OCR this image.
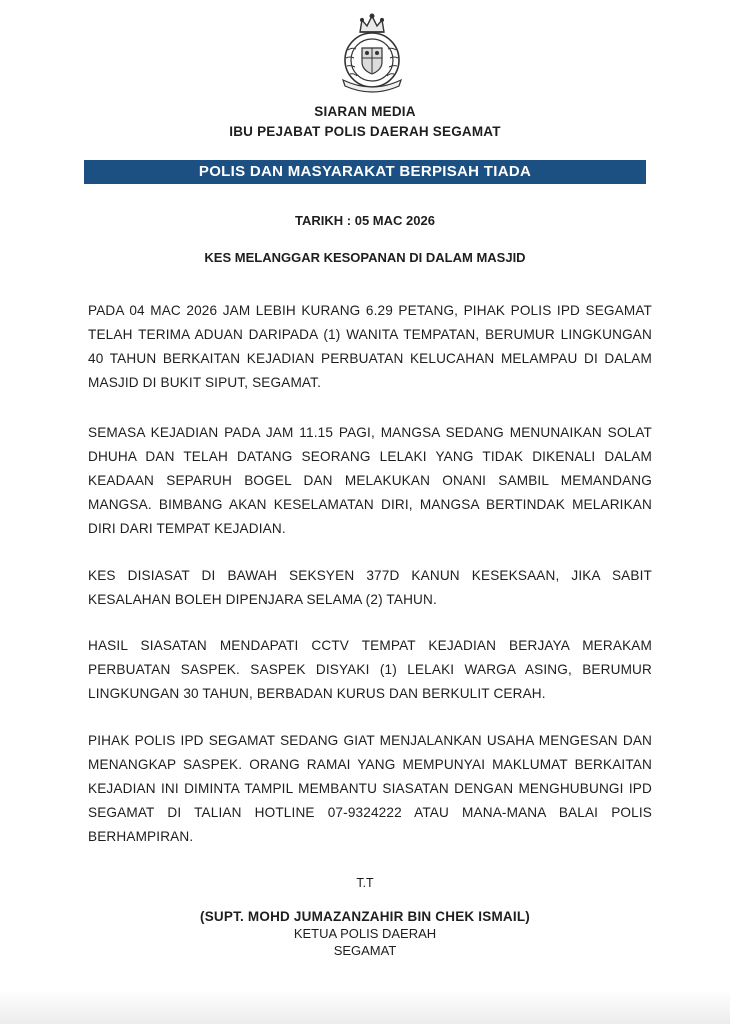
SIARAN MEDIA
IBU PEJABAT POLIS DAERAH SEGAMAT
POLIS DAN MASYARAKAT BERPISAH TIADA
TARIKH : 05 MAC 2026
KES MELANGGAR KESOPANAN DI DALAM MASJID

PADA 04 MAC 2026 JAM LEBIH KURANG 6.29 PETANG, PIHAK POLIS IPD SEGAMAT TELAH TERIMA ADUAN DARIPADA (1) WANITA TEMPATAN, BERUMUR LINGKUNGAN 40 TAHUN BERKAITAN KEJADIAN PERBUATAN KELUCAHAN MELAMPAU DI DALAM MASJID DI BUKIT SIPUT, SEGAMAT.

SEMASA KEJADIAN PADA JAM 11.15 PAGI, MANGSA SEDANG MENUNAIKAN SOLAT DHUHA DAN TELAH DATANG SEORANG LELAKI YANG TIDAK DIKENALI DALAM KEADAAN SEPARUH BOGEL DAN MELAKUKAN ONANI SAMBIL MEMANDANG MANGSA. BIMBANG AKAN KESELAMATAN DIRI, MANGSA BERTINDAK MELARIKAN DIRI DARI TEMPAT KEJADIAN.

KES DISIASAT DI BAWAH SEKSYEN 377D KANUN KESEKSAAN, JIKA SABIT KESALAHAN BOLEH DIPENJARA SELAMA (2) TAHUN.

HASIL SIASATAN MENDAPATI CCTV TEMPAT KEJADIAN BERJAYA MERAKAM PERBUATAN SASPEK. SASPEK DISYAKI (1) LELAKI WARGA ASING, BERUMUR LINGKUNGAN 30 TAHUN, BERBADAN KURUS DAN BERKULIT CERAH.

PIHAK POLIS IPD SEGAMAT SEDANG GIAT MENJALANKAN USAHA MENGESAN DAN MENANGKAP SASPEK. ORANG RAMAI YANG MEMPUNYAI MAKLUMAT BERKAITAN KEJADIAN INI DIMINTA TAMPIL MEMBANTU SIASATAN DENGAN MENGHUBUNGI IPD SEGAMAT DI TALIAN HOTLINE 07-9324222 ATAU MANA-MANA BALAI POLIS BERHAMPIRAN.

T.T
(SUPT. MOHD JUMAZANZAHIR BIN CHEK ISMAIL)
KETUA POLIS DAERAH
SEGAMAT
